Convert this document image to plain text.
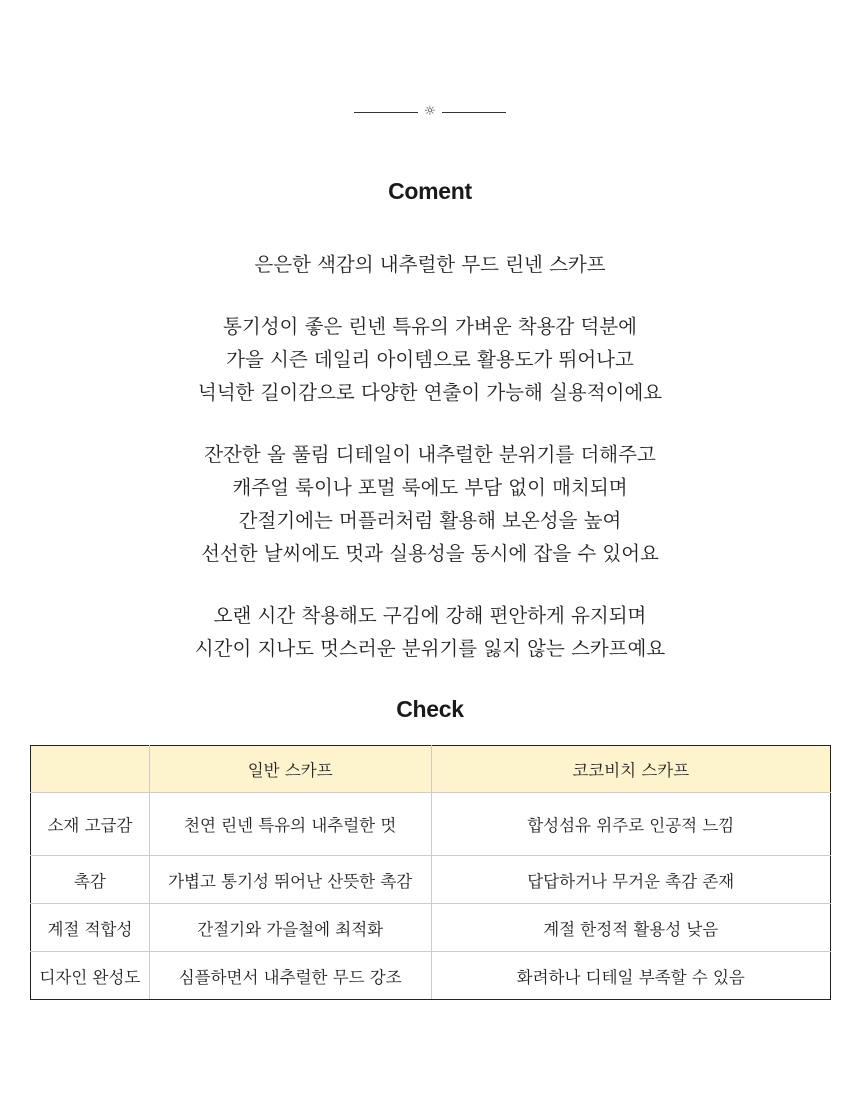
☼
Coment

은은한 색감의 내추럴한 무드 린넨 스카프

통기성이 좋은 린넨 특유의 가벼운 착용감 덕분에
가을 시즌 데일리 아이템으로 활용도가 뛰어나고
넉넉한 길이감으로 다양한 연출이 가능해 실용적이에요

잔잔한 올 풀림 디테일이 내추럴한 분위기를 더해주고
캐주얼 룩이나 포멀 룩에도 부담 없이 매치되며
간절기에는 머플러처럼 활용해 보온성을 높여
선선한 날씨에도 멋과 실용성을 동시에 잡을 수 있어요

오랜 시간 착용해도 구김에 강해 편안하게 유지되며
시간이 지나도 멋스러운 분위기를 잃지 않는 스카프예요

Check
	일반 스카프	코코비치 스카프
소재 고급감	천연 린넨 특유의 내추럴한 멋	합성섬유 위주로 인공적 느낌
촉감	가볍고 통기성 뛰어난 산뜻한 촉감	답답하거나 무거운 촉감 존재
계절 적합성	간절기와 가을철에 최적화	계절 한정적 활용성 낮음
디자인 완성도	심플하면서 내추럴한 무드 강조	화려하나 디테일 부족할 수 있음
